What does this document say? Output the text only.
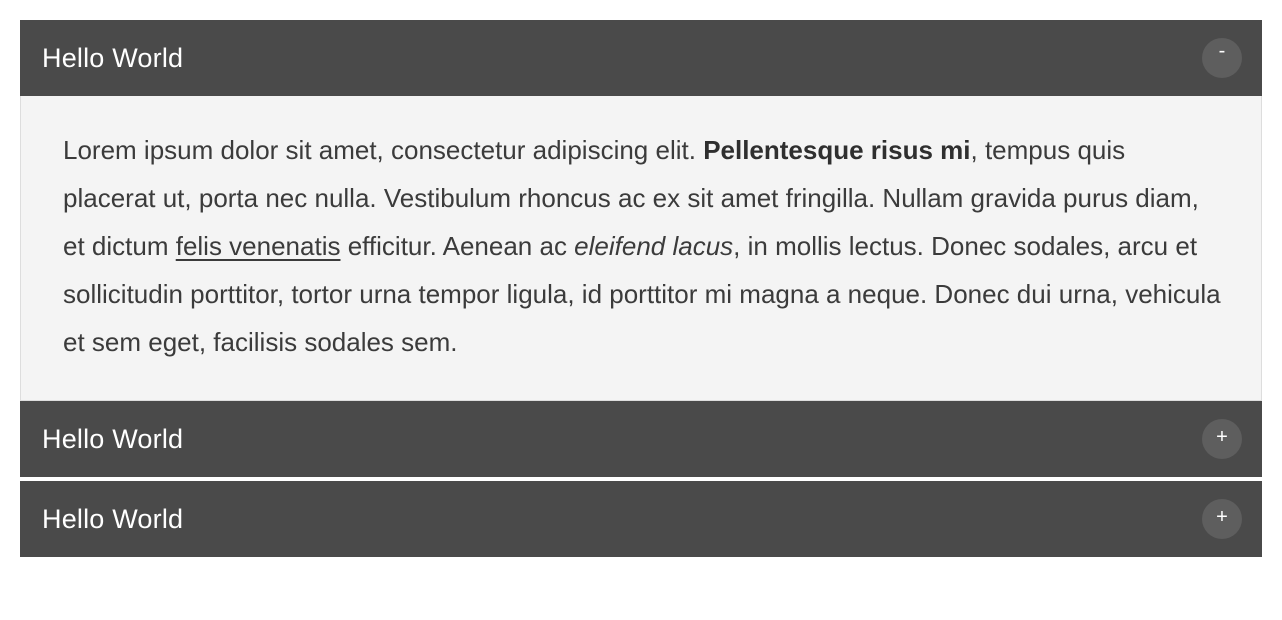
Hello World	-

Lorem ipsum dolor sit amet, consectetur adipiscing elit. Pellentesque risus mi, tempus quis placerat ut, porta nec nulla. Vestibulum rhoncus ac ex sit amet fringilla. Nullam gravida purus diam, et dictum felis venenatis efficitur. Aenean ac eleifend lacus, in mollis lectus. Donec sodales, arcu et sollicitudin porttitor, tortor urna tempor ligula, id porttitor mi magna a neque. Donec dui urna, vehicula et sem eget, facilisis sodales sem.

Hello World	+
Hello World	+
